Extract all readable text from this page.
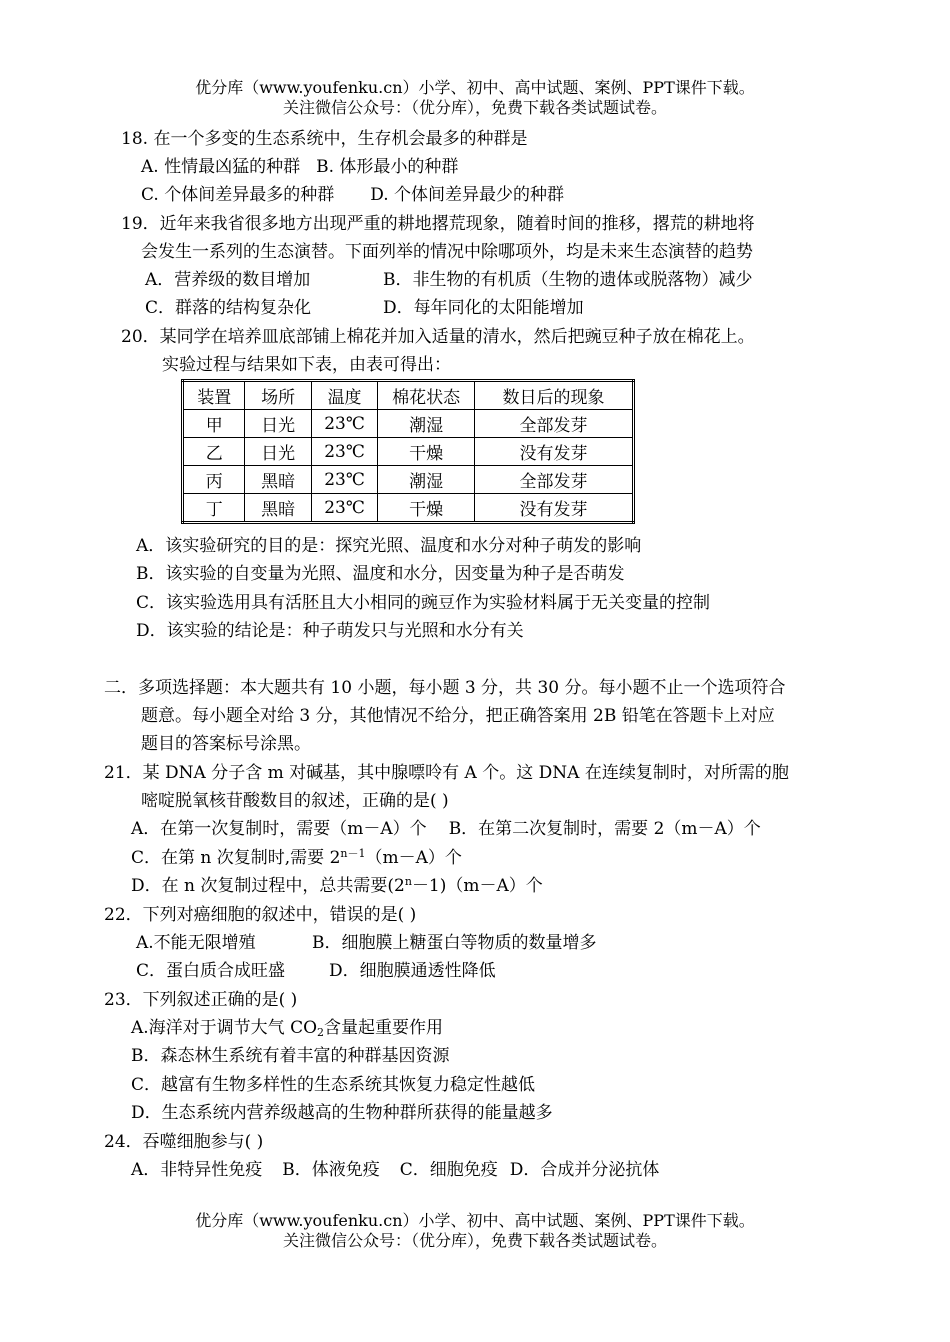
优分库（www.youfenku.cn）小学、初中、高中试题、案例、PPT课件下载。
关注微信公众号：（优分库），免费下载各类试题试卷。
18. 在一个多变的生态系统中，生存机会最多的种群是
A. 性情最凶猛的种群 B. 体形最小的种群
C. 个体间差异最多的种群 D. 个体间差异最少的种群
19．近年来我省很多地方出现严重的耕地撂荒现象，随着时间的推移，撂荒的耕地将
会发生一系列的生态演替。下面列举的情况中除哪项外，均是未来生态演替的趋势
A．营养级的数目增加	B．非生物的有机质（生物的遗体或脱落物）减少
C．群落的结构复杂化	D．每年同化的太阳能增加
20．某同学在培养皿底部铺上棉花并加入适量的清水，然后把豌豆种子放在棉花上。
实验过程与结果如下表，由表可得出：
装置	场所	温度	棉花状态	数日后的现象
甲	日光	23℃	潮湿	全部发芽
乙	日光	23℃	干燥	没有发芽
丙	黑暗	23℃	潮湿	全部发芽
丁	黑暗	23℃	干燥	没有发芽
A．该实验研究的目的是：探究光照、温度和水分对种子萌发的影响
B．该实验的自变量为光照、温度和水分，因变量为种子是否萌发
C．该实验选用具有活胚且大小相同的豌豆作为实验材料属于无关变量的控制
D．该实验的结论是：种子萌发只与光照和水分有关
二．多项选择题：本大题共有 10 小题，每小题 3 分，共 30 分。每小题不止一个选项符合
题意。每小题全对给 3 分，其他情况不给分，把正确答案用 2B 铅笔在答题卡上对应
题目的答案标号涂黑。
21．某 DNA 分子含 m 对碱基，其中腺嘌呤有 A 个。这 DNA 在连续复制时，对所需的胞
嘧啶脱氧核苷酸数目的叙述，正确的是( )
A．在第一次复制时，需要（m－A）个 B．在第二次复制时，需要 2（m－A）个
C．在第 n 次复制时,需要 $2^{n-1}(m-A)$个
D．在 n 次复制过程中，总共需要$(2^n-1)(m-A)$个
22．下列对癌细胞的叙述中，错误的是( )
A.不能无限增殖	B．细胞膜上糖蛋白等物质的数量增多
C．蛋白质合成旺盛	D．细胞膜通透性降低
23．下列叙述正确的是( )
A.海洋对于调节大气 $CO_2$含量起重要作用
B．森态林生系统有着丰富的种群基因资源
C．越富有生物多样性的生态系统其恢复力稳定性越低
D．生态系统内营养级越高的生物种群所获得的能量越多
24．吞噬细胞参与( )
A．非特异性免疫 B．体液免疫 C．细胞免疫 D．合成并分泌抗体
优分库（www.youfenku.cn）小学、初中、高中试题、案例、PPT课件下载。
关注微信公众号：（优分库），免费下载各类试题试卷。
